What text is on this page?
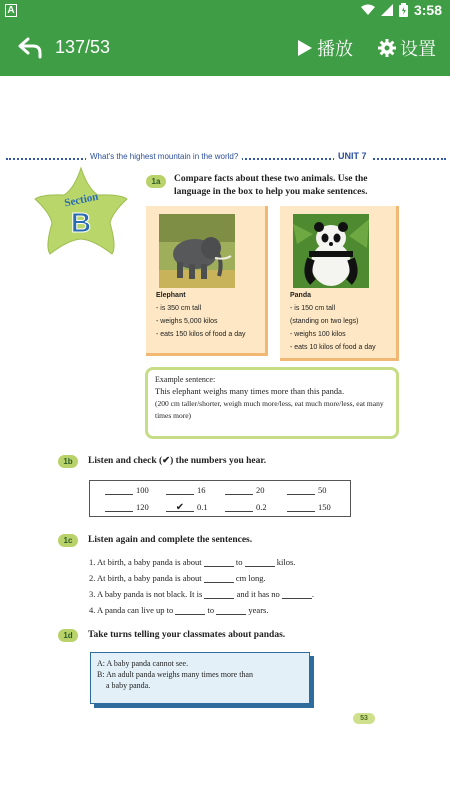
A	3:58
137/53	播放	设置
What's the highest mountain in the world?	UNIT 7
Section
B
1a	Compare facts about these two animals. Use the language in the box to help you make sentences.
Elephant
- is 350 cm tall
- weighs 5,000 kilos
- eats 150 kilos of food a day
Panda
- is 150 cm tall
(standing on two legs)
- weighs 100 kilos
- eats 10 kilos of food a day
Example sentence:
This elephant weighs many times more than this panda.
(200 cm taller/shorter, weigh much more/less, eat much more/less, eat many times more)
1b	Listen and check (✔) the numbers you hear.
100	16	20	50
120	✔ 0.1	0.2	150
1c	Listen again and complete the sentences.
1. At birth, a baby panda is about	to	kilos.
2. At birth, a baby panda is about	cm long.
3. A baby panda is not black. It is	and it has no	.
4. A panda can live up to	to	years.
1d	Take turns telling your classmates about pandas.
A: A baby panda cannot see.
B: An adult panda weighs many times more than
a baby panda.
53
